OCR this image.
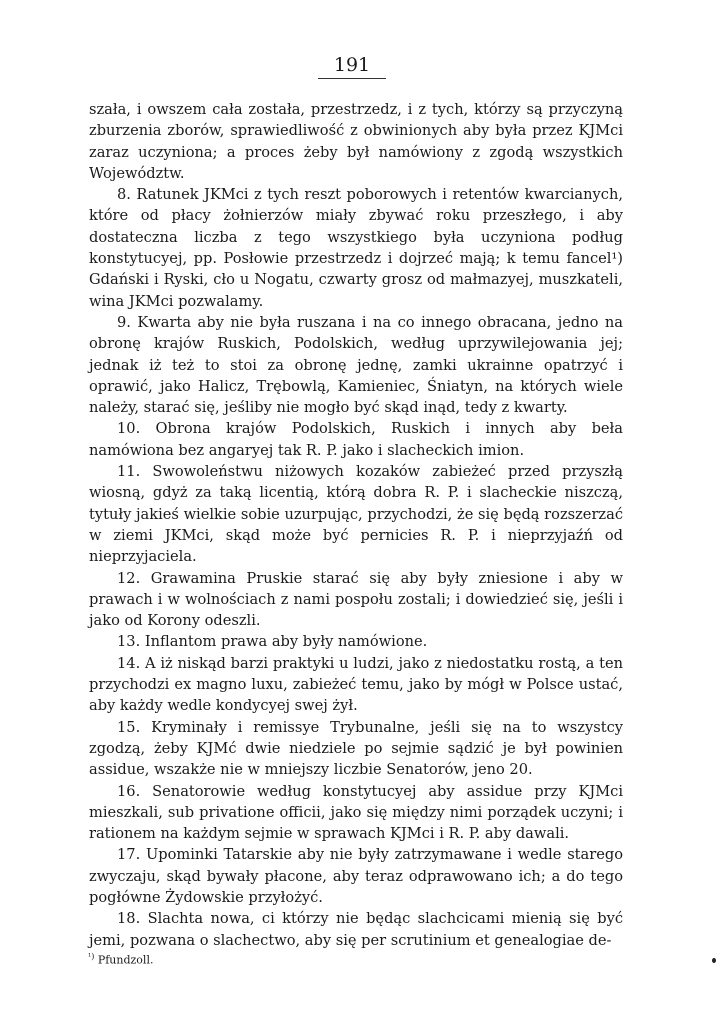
191

szała, i owszem cała została, przestrzedz, i z tych, którzy są przyczyną zburzenia zborów, sprawiedliwość z obwinionych aby była przez KJMci zaraz uczyniona; a proces żeby był namówiony z zgodą wszystkich Województw.

8. Ratunek JKMci z tych reszt poborowych i retentów kwarcianych, które od płacy żołnierzów miały zbywać roku przeszłego, i aby dostateczna liczba z tego wszystkiego była uczyniona podług konstytucyej, pp. Posłowie przestrzedz i dojrzeć mają; k temu fancel¹) Gdański i Ryski, cło u Nogatu, czwarty grosz od małmazyej, muszkateli, wina JKMci pozwalamy.

9. Kwarta aby nie była ruszana i na co innego obracana, jedno na obronę krajów Ruskich, Podolskich, według uprzywilejowania jej; jednak iż też to stoi za obronę jednę, zamki ukrainne opatrzyć i oprawić, jako Halicz, Trębowlą, Kamieniec, Śniatyn, na których wiele należy, starać się, jeśliby nie mogło być skąd inąd, tedy z kwarty.

10. Obrona krajów Podolskich, Ruskich i innych aby beła namówiona bez angaryej tak R. P. jako i slacheckich imion.

11. Swowoleństwu niżowych kozaków zabieżeć przed przyszłą wiosną, gdyż za taką licentią, którą dobra R. P. i slacheckie niszczą, tytuły jakieś wielkie sobie uzurpując, przychodzi, że się będą rozszerzać w ziemi JKMci, skąd może być pernicies R. P. i nieprzyjaźń od nieprzyjaciela.

12. Grawamina Pruskie starać się aby były zniesione i aby w prawach i w wolnościach z nami pospołu zostali; i dowiedzieć się, jeśli i jako od Korony odeszli.

13. Inflantom prawa aby były namówione.

14. A iż niskąd barzi praktyki u ludzi, jako z niedostatku rostą, a ten przychodzi ex magno luxu, zabieżeć temu, jako by mógł w Polsce ustać, aby każdy wedle kondycyej swej żył.

15. Kryminały i remissye Trybunalne, jeśli się na to wszystcy zgodzą, żeby KJMć dwie niedziele po sejmie sądzić je był powinien assidue, wszakże nie w mniejszy liczbie Senatorów, jeno 20.

16. Senatorowie według konstytucyej aby assidue przy KJMci mieszkali, sub privatione officii, jako się między nimi porządek uczyni; i rationem na każdym sejmie w sprawach KJMci i R. P. aby dawali.

17. Upominki Tatarskie aby nie były zatrzymawane i wedle starego zwyczaju, skąd bywały płacone, aby teraz odprawowano ich; a do tego pogłówne Żydowskie przyłożyć.

18. Slachta nowa, ci którzy nie będąc slachcicami mienią się być jemi, pozwana o slachectwo, aby się per scrutinium et genealogiae de-

$^{^1)}$ Pfundzoll.
